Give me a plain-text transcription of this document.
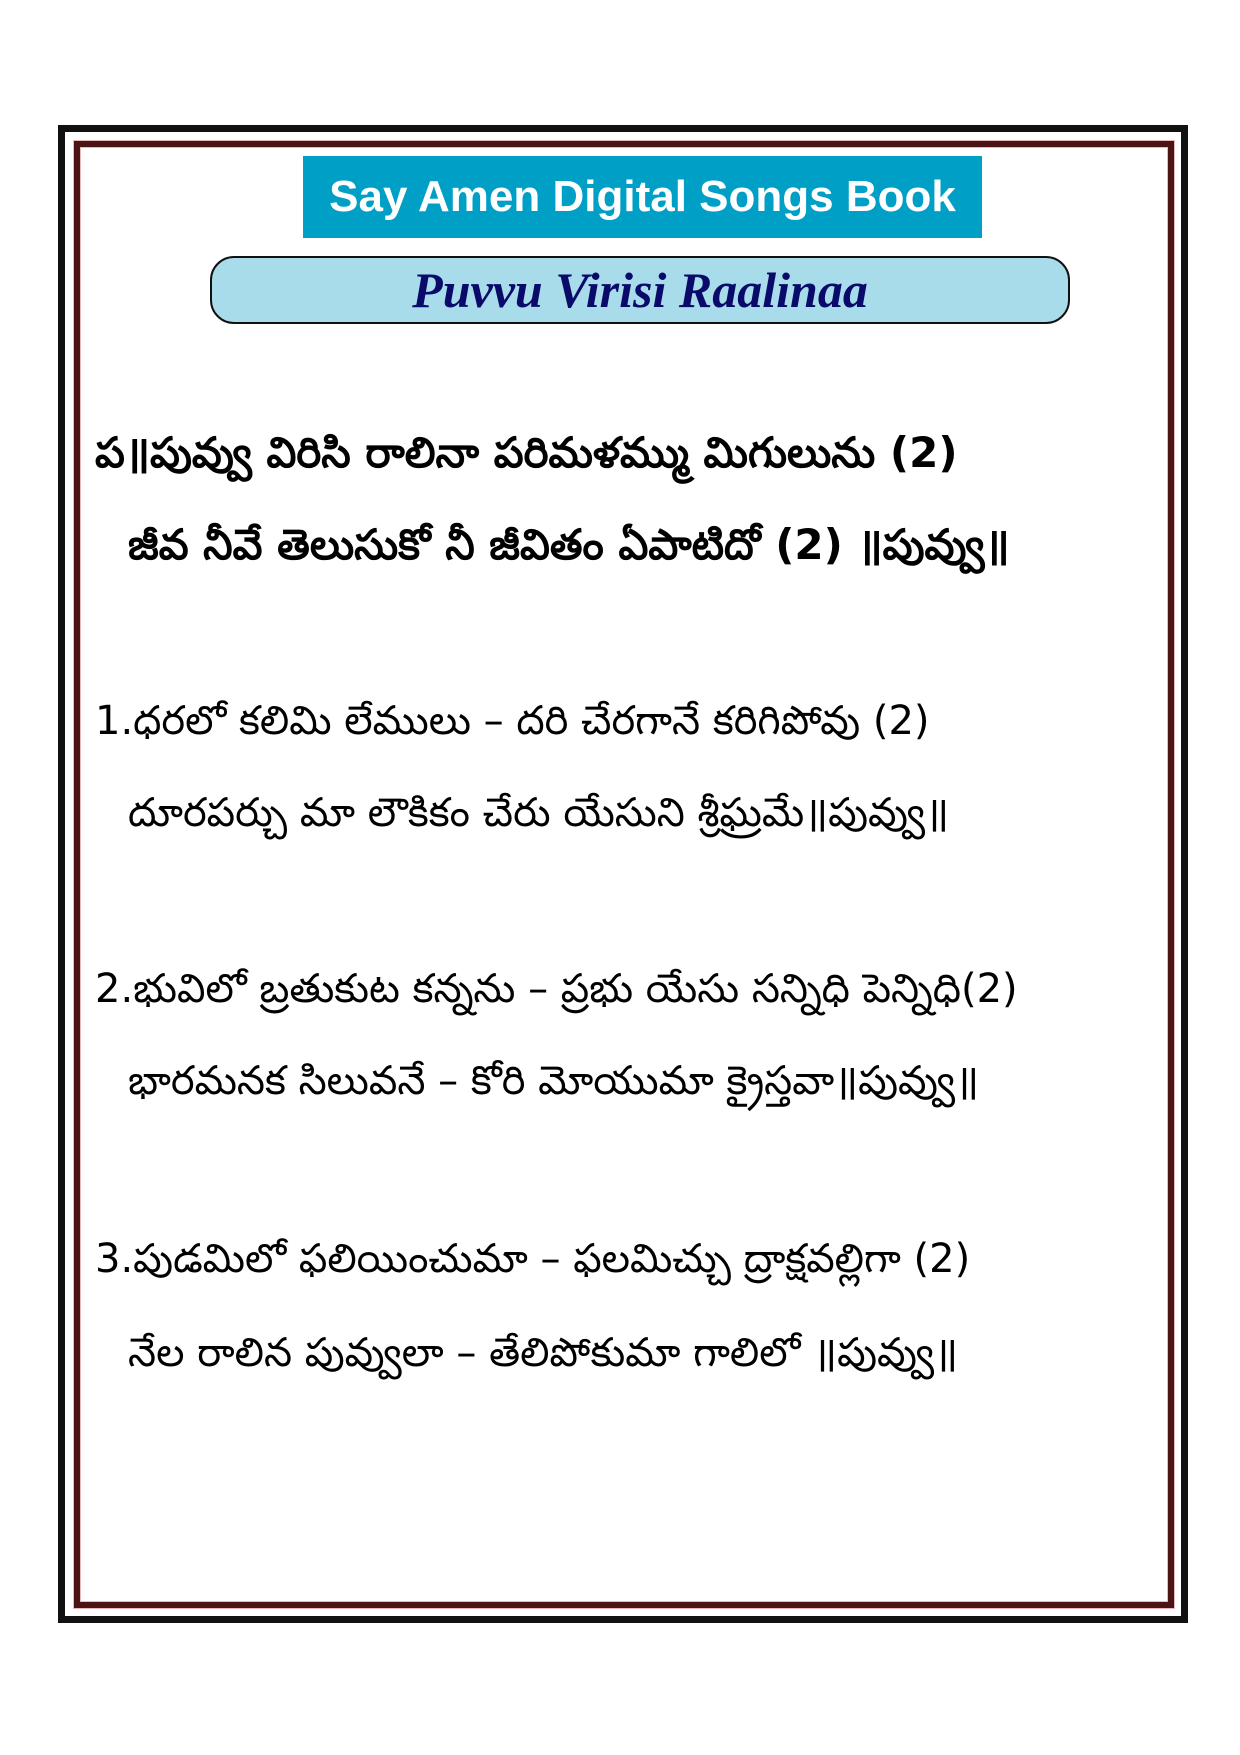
Say Amen Digital Songs Book
Puvvu Virisi Raalinaa
ప॥పువ్వు విరిసి రాలినా పరిమళమ్ము మిగులును (2)
జీవ నీవే తెలుసుకో నీ జీవితం ఏపాటిదో (2) ॥పువ్వు॥
1.ధరలో కలిమి లేములు – దరి చేరగానే కరిగిపోవు (2)
దూరపర్చు మా లౌకికం చేరు యేసుని శ్రీఘ్రమే॥పువ్వు॥
2.భువిలో బ్రతుకుట కన్నను – ప్రభు యేసు సన్నిధి పెన్నిధి(2)
భారమనక సిలువనే – కోరి మోయుమా క్రైస్తవా॥పువ్వు॥
3.పుడమిలో ఫలియించుమా – ఫలమిచ్చు ద్రాక్షవల్లిగా (2)
నేల రాలిన పువ్వులా – తేలిపోకుమా గాలిలో ॥పువ్వు॥
